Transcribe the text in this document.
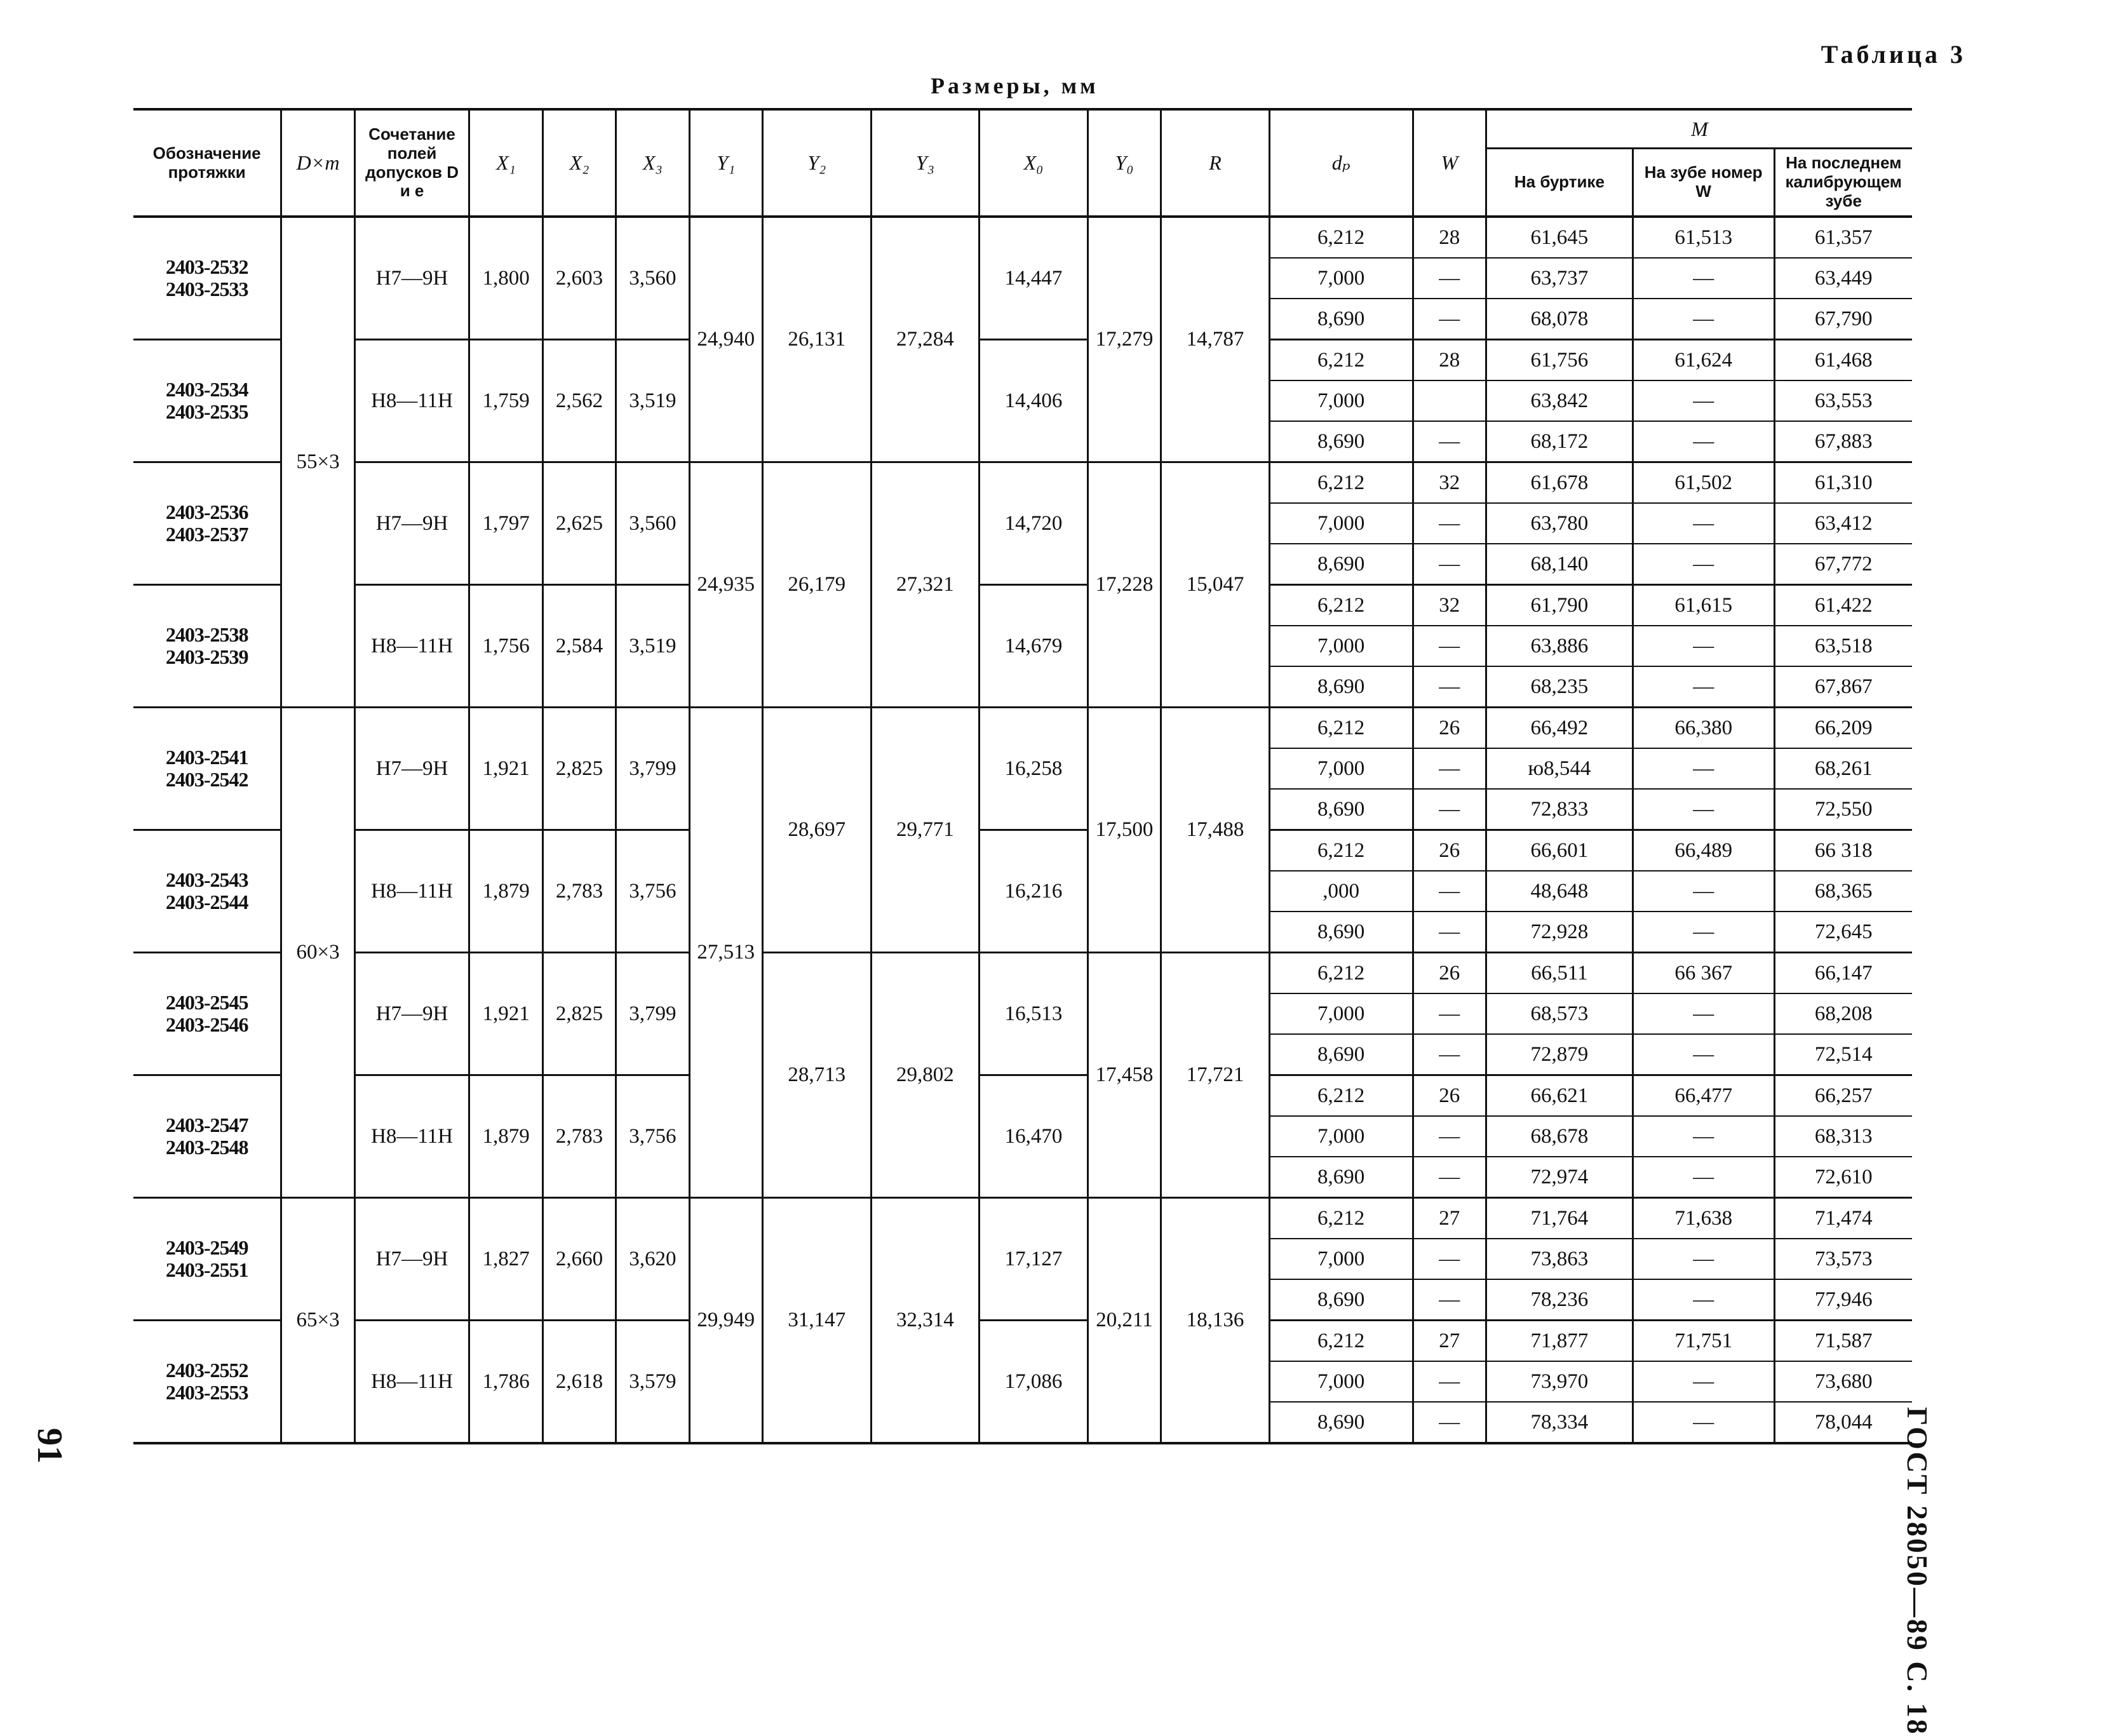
Таблица 3
Размеры, мм
ГОСТ 28050—89 С. 18
91
Обозначение протяжки	D×m	Сочетание полей допусков D и e	X₁	X₂	X₃	Y₁	Y₂	Y₃	X₀	Y₀	R	dₚ	W	M		
														На буртике	На зубе номер W	На последнем калибрующем зубе

2403-2532
2403-2533	55×3	H7—9H	1,800	2,603	3,560	24,940	26,131	27,284	14,447	17,279	14,787	6,212	28	61,645	61,513	61,357
												7,000	—	63,737	—	63,449
												8,690	—	68,078	—	67,790

2403-2534
2403-2535		H8—11H	1,759	2,562	3,519				14,406			6,212	28	61,756	61,624	61,468
												7,000		63,842	—	63,553
												8,690	—	68,172	—	67,883

2403-2536
2403-2537		H7—9H	1,797	2,625	3,560	24,935	26,179	27,321	14,720	17,228	15,047	6,212	32	61,678	61,502	61,310
												7,000	—	63,780	—	63,412
												8,690	—	68,140	—	67,772

2403-2538
2403-2539		H8—11H	1,756	2,584	3,519				14,679			6,212	32	61,790	61,615	61,422
												7,000	—	63,886	—	63,518
												8,690	—	68,235	—	67,867

2403-2541
2403-2542	60×3	H7—9H	1,921	2,825	3,799	27,513	28,697	29,771	16,258	17,500	17,488	6,212	26	66,492	66,380	66,209
												7,000	—	ю8,544	—	68,261
												8,690	—	72,833	—	72,550

2403-2543
2403-2544		H8—11H	1,879	2,783	3,756				16,216			6,212	26	66,601	66,489	66 318
												,000	—	48,648	—	68,365
												8,690	—	72,928	—	72,645

2403-2545
2403-2546		H7—9H	1,921	2,825	3,799		28,713	29,802	16,513	17,458	17,721	6,212	26	66,511	66 367	66,147
												7,000	—	68,573	—	68,208
												8,690	—	72,879	—	72,514

2403-2547
2403-2548		H8—11H	1,879	2,783	3,756				16,470			6,212	26	66,621	66,477	66,257
												7,000	—	68,678	—	68,313
												8,690	—	72,974	—	72,610

2403-2549
2403-2551	65×3	H7—9H	1,827	2,660	3,620	29,949	31,147	32,314	17,127	20,211	18,136	6,212	27	71,764	71,638	71,474
												7,000	—	73,863	—	73,573
												8,690	—	78,236	—	77,946

2403-2552
2403-2553		H8—11H	1,786	2,618	3,579				17,086			6,212	27	71,877	71,751	71,587
												7,000	—	73,970	—	73,680
												8,690	—	78,334	—	78,044
